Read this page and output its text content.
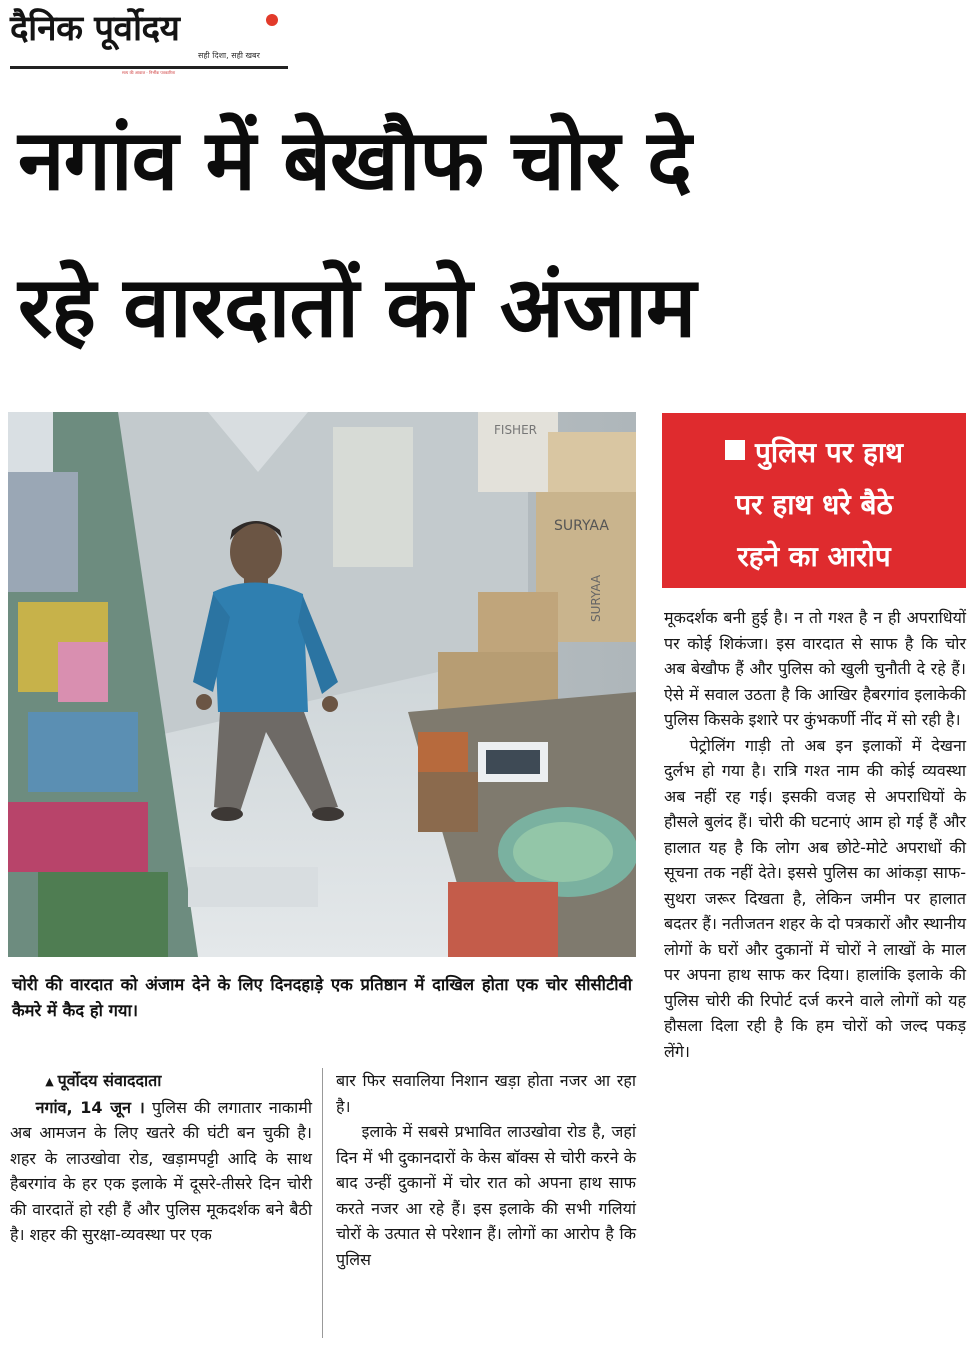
दैनिक पूर्वोदय
सही दिशा, सही खबर
सत्य की आवाज · निर्भीक पत्रकारिता
नगांव में बेखौफ चोर दे
रहे वारदातों को अंजाम
SURYAA
SURYAA
FISHER
चोरी की वारदात को अंजाम देने के लिए दिनदहाड़े एक प्रतिष्ठान में दाखिल होता एक चोर सीसीटीवी कैमरे में कैद हो गया।
पुलिस पर हाथ
पर हाथ धरे बैठे
रहने का आरोप

मूकदर्शक बनी हुई है। न तो गश्त है न ही अपराधियों पर कोई शिकंजा। इस वारदात से साफ है कि चोर अब बेखौफ हैं और पुलिस को खुली चुनौती दे रहे हैं। ऐसे में सवाल उठता है कि आखिर हैबरगांव इलाकेकी पुलिस किसके इशारे पर कुंभकर्णी नींद में सो रही है।

पेट्रोलिंग गाड़ी तो अब इन इलाकों में देखना दुर्लभ हो गया है। रात्रि गश्त नाम की कोई व्यवस्था अब नहीं रह गई। इसकी वजह से अपराधियों के हौसले बुलंद हैं। चोरी की घटनाएं आम हो गई हैं और हालात यह है कि लोग अब छोटे-मोटे अपराधों की सूचना तक नहीं देते। इससे पुलिस का आंकड़ा साफ-सुथरा जरूर दिखता है, लेकिन जमीन पर हालात बदतर हैं। नतीजतन शहर के दो पत्रकारों और स्थानीय लोगों के घरों और दुकानों में चोरों ने लाखों के माल पर अपना हाथ साफ कर दिया। हालांकि इलाके की पुलिस चोरी की रिपोर्ट दर्ज करने वाले लोगों को यह हौसला दिला रही है कि हम चोरों को जल्द पकड़ लेंगे।

▲ पूर्वोदय संवाददाता

नगांव, 14 जून । पुलिस की लगातार नाकामी अब आमजन के लिए खतरे की घंटी बन चुकी है। शहर के लाउखोवा रोड, खड़ामपट्टी आदि के साथ हैबरगांव के हर एक इलाके में दूसरे-तीसरे दिन चोरी की वारदातें हो रही हैं और पुलिस मूकदर्शक बने बैठी है। शहर की सुरक्षा-व्यवस्था पर एक

बार फिर सवालिया निशान खड़ा होता नजर आ रहा है।

इलाके में सबसे प्रभावित लाउखोवा रोड है, जहां दिन में भी दुकानदारों के केस बॉक्स से चोरी करने के बाद उन्हीं दुकानों में चोर रात को अपना हाथ साफ करते नजर आ रहे हैं। इस इलाके की सभी गलियां चोरों के उत्पात से परेशान हैं। लोगों का आरोप है कि पुलिस
